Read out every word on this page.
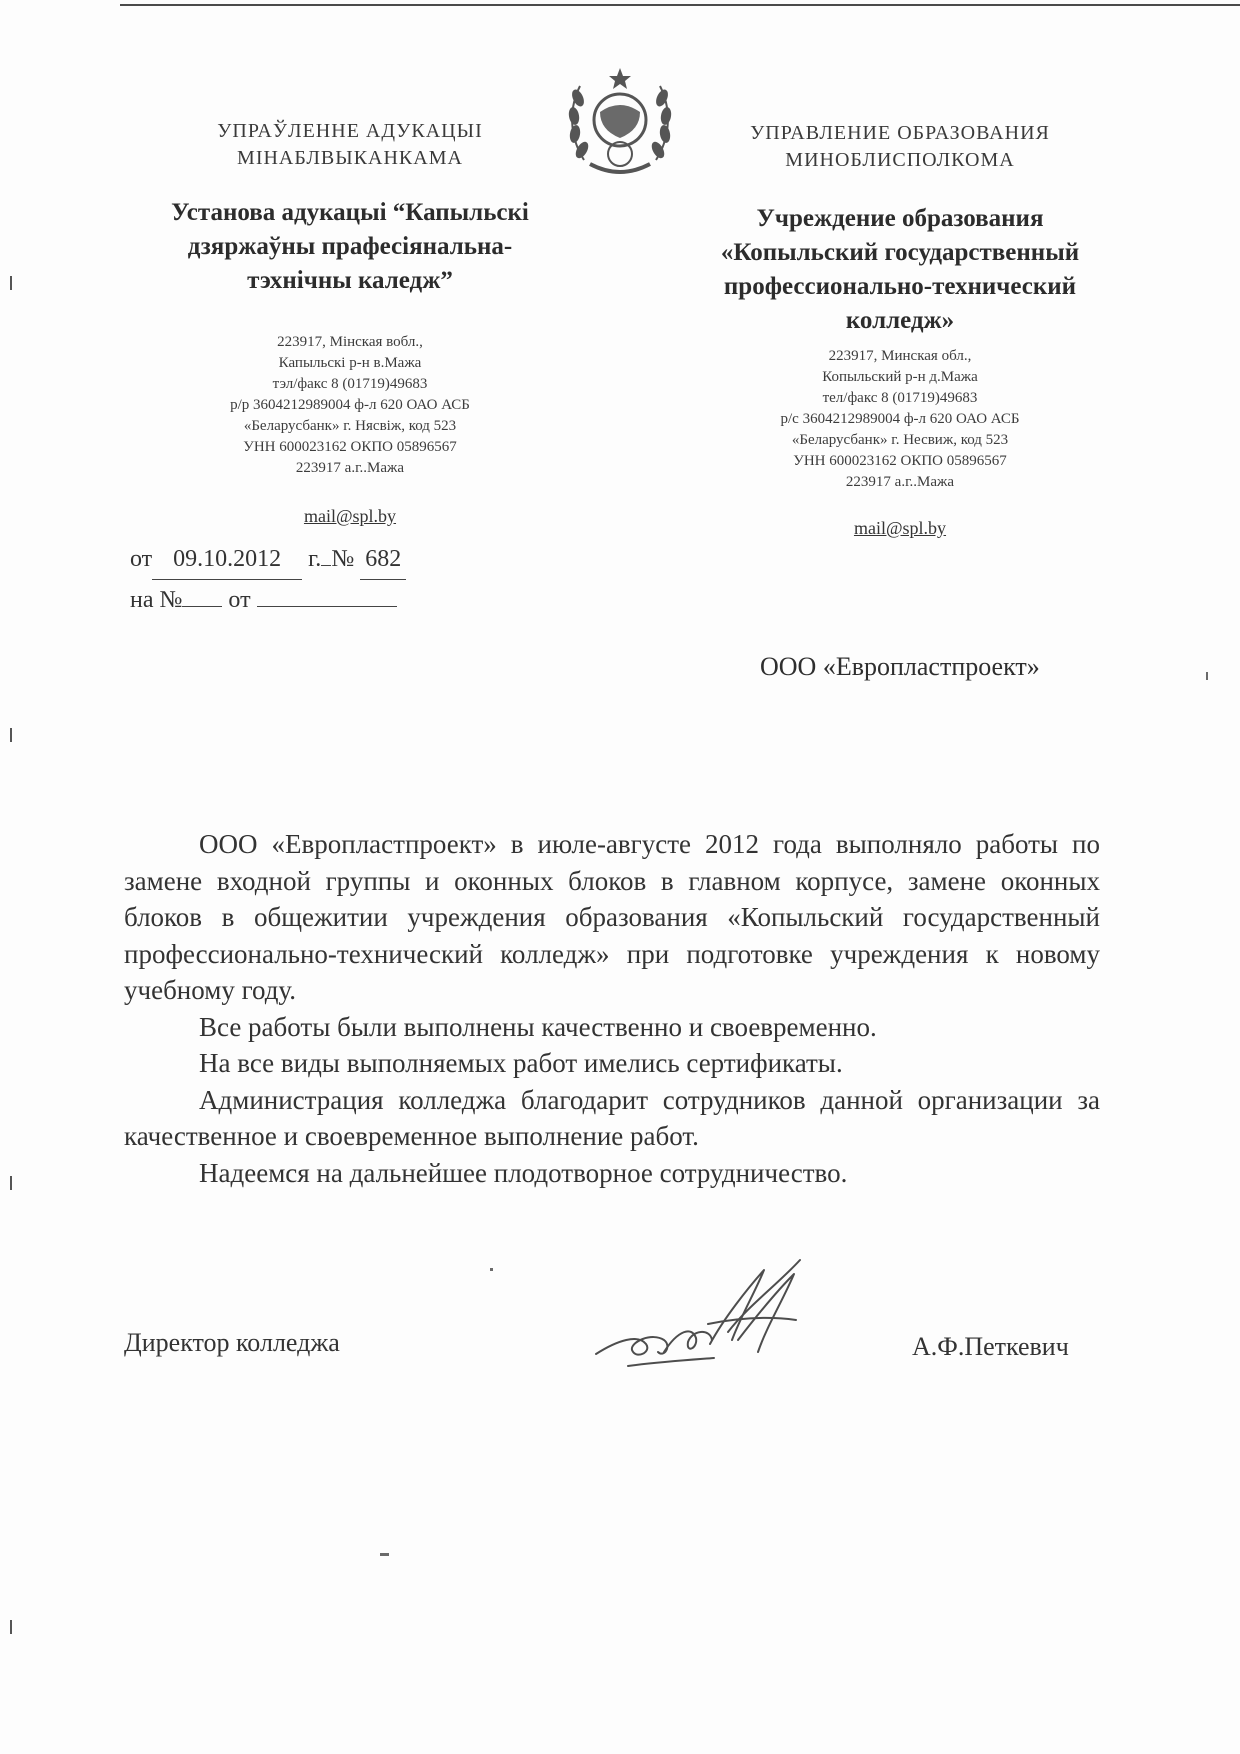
УПРАЎЛЕННЕ АДУКАЦЫІ
МІНАБЛВЫКАНКАМА
Установа адукацыі “Капыльскі
дзяржаўны прафесіянальна-
тэхнічны каледж”
223917, Мінская вобл.,
Капыльскі р-н в.Мажа
тэл/факс 8 (01719)49683
р/р 3604212989004 ф-л 620 ОАО АСБ
«Беларусбанк» г. Нясвіж, код 523
УНН 600023162 ОКПО 05896567
223917 а.г..Мажа
mail@spl.by
УПРАВЛЕНИЕ ОБРАЗОВАНИЯ
МИНОБЛИСПОЛКОМА
Учреждение образования
«Копыльский государственный
профессионально-технический
колледж»
223917, Минская обл.,
Копыльский р-н д.Мажа
тел/факс 8 (01719)49683
р/с 3604212989004 ф-л 620 ОАО АСБ
«Беларусбанк» г. Несвиж, код 523
УНН 600023162 ОКПО 05896567
223917 а.г..Мажа
mail@spl.by
от 09.10.2012 г. № 682
на № от
ООО «Европластпроект»

ООО «Европластпроект» в июле-августе 2012 года выполняло работы по замене входной группы и оконных блоков в главном корпусе, замене оконных блоков в общежитии учреждения образования «Копыльский государственный профессионально-технический колледж» при подготовке учреждения к новому учебному году.

Все работы были выполнены качественно и своевременно.

На все виды выполняемых работ имелись сертификаты.

Администрация колледжа благодарит сотрудников данной организации за качественное и своевременное выполнение работ.

Надеемся на дальнейшее плодотворное сотрудничество.

Директор колледжа	А.Ф.Петкевич
